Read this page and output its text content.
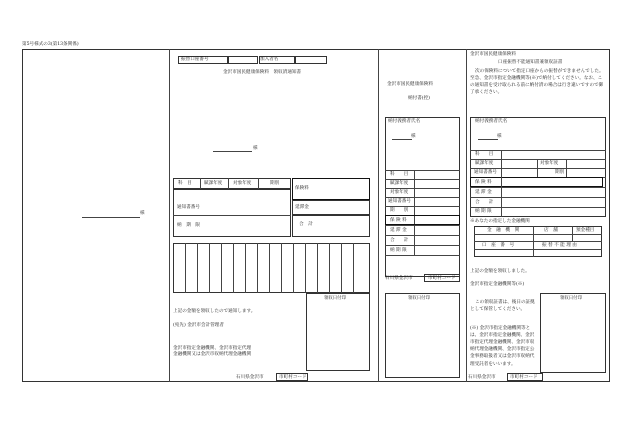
第5号様式の3(第13条関係)
様
振替口座番号	加入者名
金沢市国民健康保険料　領収済通知書
様
科　目	賦課年度 対象年度	期別
保険料
延滞金
合　計
通知書番号
納　期　限
領収日付印
上記の金額を領収したので通知します。
(宛先) 金沢市会計管理者
金沢市指定金融機関、金沢市指定代理
金融機関又は金沢市収納代理金融機関
石川県金沢市	市町村コード
金沢市国民健康保険料
納付書(控)
納付義務者氏名
様
科　　目
賦課年度
対象年度
通知書番号
期　　別
保 険 料
延 滞 金
合　　計
納 期 限
石川県金沢市	市町村コード
領収日付印
金沢市国民健康保険料
口座振替不能通知書兼領収証書
次の保険料について指定口座からの振替ができませんでした。至急、金沢市指定金融機関等(※)で納付してください。なお、この通知書を受け取られる前に納付済の場合は行き違いですので御了承ください。
納付義務者氏名
様
科　　目
賦課年度	対象年度
通知書番号	期別
保 険 料
延 滞 金
合　　計
納 期 限
※あなたの指定した金融機関
金　融　機　関	店　舗	預金種目
口　座　番　号	振 替 不 能 理 由
上記の金額を領収しました。
金沢市指定金融機関等(※)
領収日付印
この領収証書は、後日の証拠として保管してください。
(※) 金沢市指定金融機関等とは、金沢市指定金融機関、金沢市指定代理金融機関、金沢市収納代理金融機関、金沢市指定公金事務取扱者又は金沢市収納代理受託者をいいます。
石川県金沢市	市町村コード
